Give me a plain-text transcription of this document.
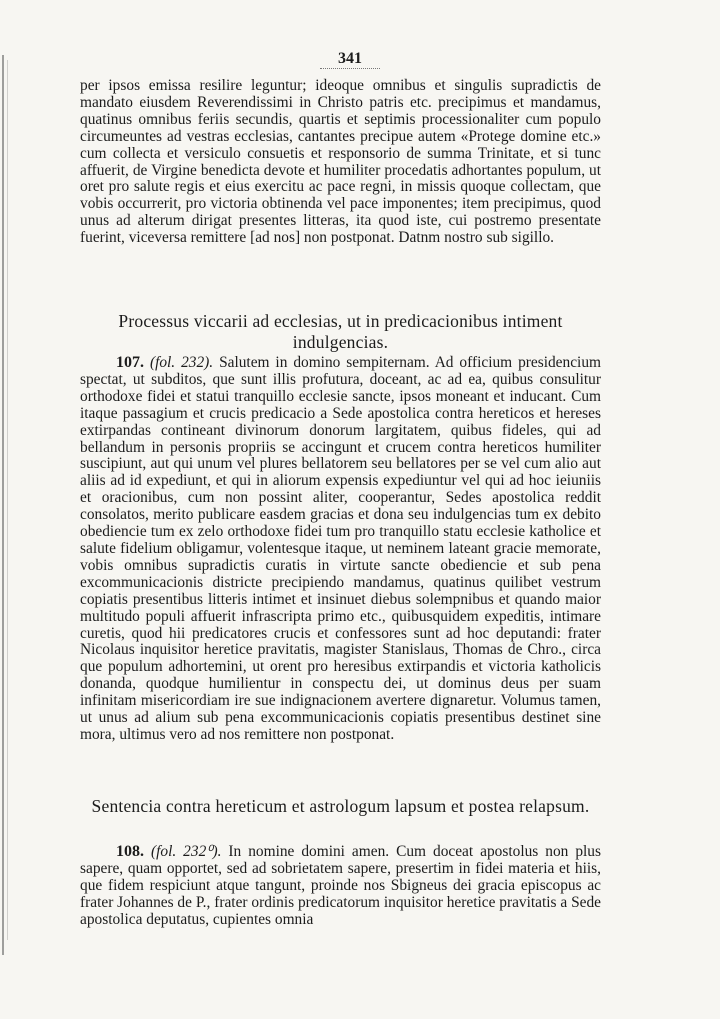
341

per ipsos emissa resilire leguntur; ideoque omnibus et singulis supradictis de mandato eiusdem Reverendissimi in Christo patris etc. precipimus et mandamus, quatinus omnibus feriis secundis, quartis et septimis processionaliter cum populo circumeuntes ad vestras ecclesias, cantantes precipue autem «Protege domine etc.» cum collecta et versiculo consuetis et responsorio de summa Trinitate, et si tunc affuerit, de Virgine benedicta devote et humiliter procedatis adhortantes populum, ut oret pro salute regis et eius exercitu ac pace regni, in missis quoque collectam, que vobis occurrerit, pro victoria obtinenda vel pace imponentes; item precipimus, quod unus ad alterum dirigat presentes litteras, ita quod iste, cui postremo presentate fuerint, viceversa remittere [ad nos] non postponat. Datnm nostro sub sigillo.

Processus viccarii ad ecclesias, ut in predicacionibus intiment indulgencias.

107. (fol. 232). Salutem in domino sempiternam. Ad officium presidencium spectat, ut subditos, que sunt illis profutura, doceant, ac ad ea, quibus consulitur orthodoxe fidei et statui tranquillo ecclesie sancte, ipsos moneant et inducant. Cum itaque passagium et crucis predicacio a Sede apostolica contra hereticos et hereses extirpandas contineant divinorum donorum largitatem, quibus fideles, qui ad bellandum in personis propriis se accingunt et crucem contra hereticos humiliter suscipiunt, aut qui unum vel plures bellatorem seu bellatores per se vel cum alio aut aliis ad id expediunt, et qui in aliorum expensis expediuntur vel qui ad hoc ieiuniis et oracionibus, cum non possint aliter, cooperantur, Sedes apostolica reddit consolatos, merito publicare easdem gracias et dona seu indulgencias tum ex debito obediencie tum ex zelo orthodoxe fidei tum pro tranquillo statu ecclesie katholice et salute fidelium obligamur, volentesque itaque, ut neminem lateant gracie memorate, vobis omnibus supradictis curatis in virtute sancte obediencie et sub pena excommunicacionis districte precipiendo mandamus, quatinus quilibet vestrum copiatis presentibus litteris intimet et insinuet diebus solempnibus et quando maior multitudo populi affuerit infrascripta primo etc., quibusquidem expeditis, intimare curetis, quod hii predicatores crucis et confessores sunt ad hoc deputandi: frater Nicolaus inquisitor heretice pravitatis, magister Stanislaus, Thomas de Chro., circa que populum adhortemini, ut orent pro heresibus extirpandis et victoria katholicis donanda, quodque humilientur in conspectu dei, ut dominus deus per suam infinitam misericordiam ire sue indignacionem avertere dignaretur. Volumus tamen, ut unus ad alium sub pena excommunicacionis copiatis presentibus destinet sine mora, ultimus vero ad nos remittere non postponat.

Sentencia contra hereticum et astrologum lapsum et postea relapsum.

108. (fol. 232⁰). In nomine domini amen. Cum doceat apostolus non plus sapere, quam opportet, sed ad sobrietatem sapere, presertim in fidei materia et hiis, que fidem respiciunt atque tangunt, proinde nos Sbigneus dei gracia episcopus ac frater Johannes de P., frater ordinis predicatorum inquisitor heretice pravitatis a Sede apostolica deputatus, cupientes omnia
